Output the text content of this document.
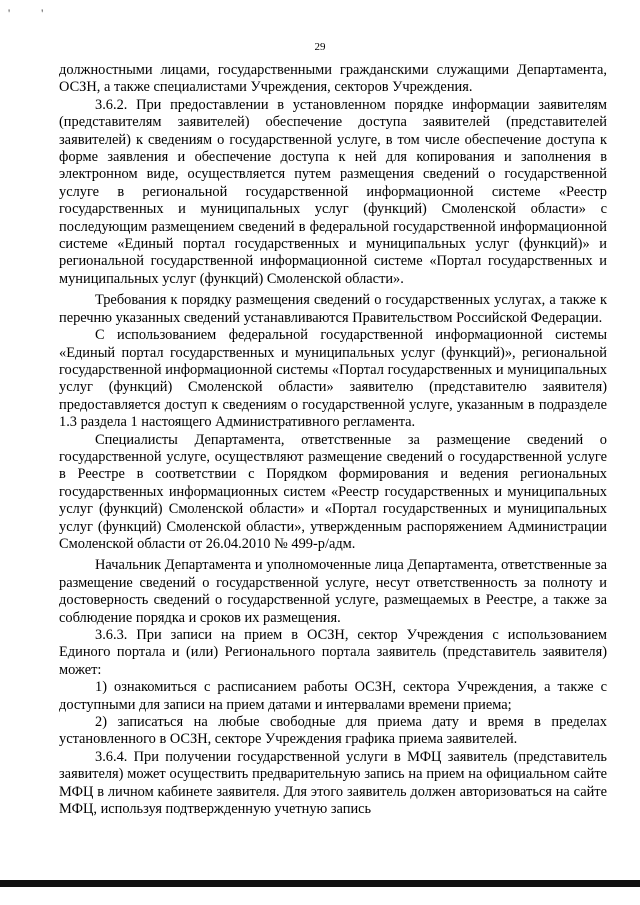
' '
29

должностными лицами, государственными гражданскими служащими Департамента, ОСЗН, а также специалистами Учреждения, секторов Учреждения.

3.6.2. При предоставлении в установленном порядке информации заявителям (представителям заявителей) обеспечение доступа заявителей (представителей заявителей) к сведениям о государственной услуге, в том числе обеспечение доступа к форме заявления и обеспечение доступа к ней для копирования и заполнения в электронном виде, осуществляется путем размещения сведений о государственной услуге в региональной государственной информационной системе «Реестр государственных и муниципальных услуг (функций) Смоленской области» с последующим размещением сведений в федеральной государственной информационной системе «Единый портал государственных и муниципальных услуг (функций)» и региональной государственной информационной системе «Портал государственных и муниципальных услуг (функций) Смоленской области».

Требования к порядку размещения сведений о государственных услугах, а также к перечню указанных сведений устанавливаются Правительством Российской Федерации.

С использованием федеральной государственной информационной системы «Единый портал государственных и муниципальных услуг (функций)», региональной государственной информационной системы «Портал государственных и муниципальных услуг (функций) Смоленской области» заявителю (представителю заявителя) предоставляется доступ к сведениям о государственной услуге, указанным в подразделе 1.3 раздела 1 настоящего Административного регламента.

Специалисты Департамента, ответственные за размещение сведений о государственной услуге, осуществляют размещение сведений о государственной услуге в Реестре в соответствии с Порядком формирования и ведения региональных государственных информационных систем «Реестр государственных и муниципальных услуг (функций) Смоленской области» и «Портал государственных и муниципальных услуг (функций) Смоленской области», утвержденным распоряжением Администрации Смоленской области от 26.04.2010 № 499-р/адм.

Начальник Департамента и уполномоченные лица Департамента, ответственные за размещение сведений о государственной услуге, несут ответственность за полноту и достоверность сведений о государственной услуге, размещаемых в Реестре, а также за соблюдение порядка и сроков их размещения.

3.6.3. При записи на прием в ОСЗН, сектор Учреждения с использованием Единого портала и (или) Регионального портала заявитель (представитель заявителя) может:

1) ознакомиться с расписанием работы ОСЗН, сектора Учреждения, а также с доступными для записи на прием датами и интервалами времени приема;

2) записаться на любые свободные для приема дату и время в пределах установленного в ОСЗН, секторе Учреждения графика приема заявителей.

3.6.4. При получении государственной услуги в МФЦ заявитель (представитель заявителя) может осуществить предварительную запись на прием на официальном сайте МФЦ в личном кабинете заявителя. Для этого заявитель должен авторизоваться на сайте МФЦ, используя подтвержденную учетную запись
